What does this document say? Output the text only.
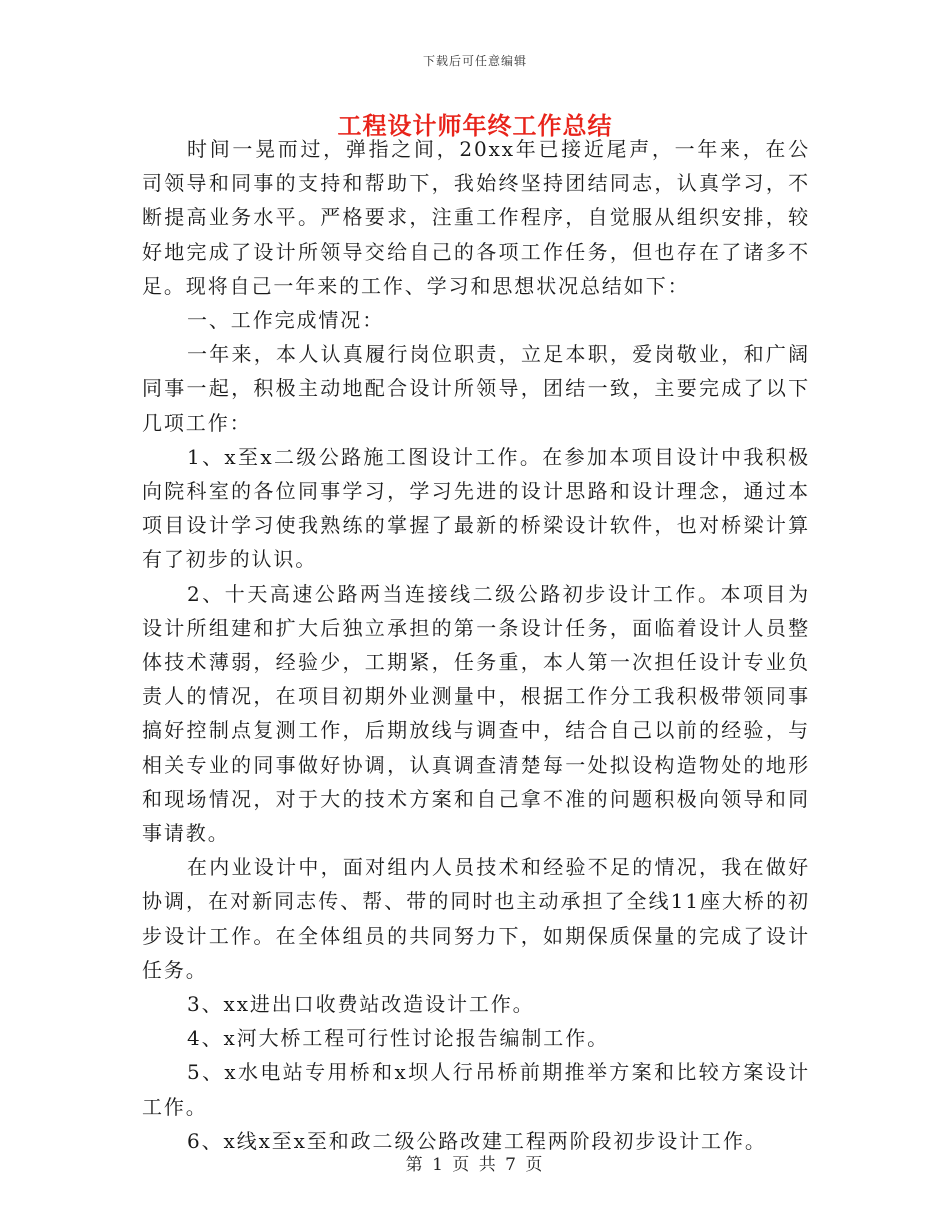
下载后可任意编辑
工程设计师年终工作总结

时间一晃而过，弹指之间，20xx年已接近尾声，一年来，在公司领导和同事的支持和帮助下，我始终坚持团结同志，认真学习，不断提高业务水平。严格要求，注重工作程序，自觉服从组织安排，较好地完成了设计所领导交给自己的各项工作任务，但也存在了诸多不足。现将自己一年来的工作、学习和思想状况总结如下：

一、工作完成情况：

一年来，本人认真履行岗位职责，立足本职，爱岗敬业，和广阔同事一起，积极主动地配合设计所领导，团结一致，主要完成了以下几项工作：

1、x至x二级公路施工图设计工作。在参加本项目设计中我积极向院科室的各位同事学习，学习先进的设计思路和设计理念，通过本项目设计学习使我熟练的掌握了最新的桥梁设计软件，也对桥梁计算有了初步的认识。

2、十天高速公路两当连接线二级公路初步设计工作。本项目为设计所组建和扩大后独立承担的第一条设计任务，面临着设计人员整体技术薄弱，经验少，工期紧，任务重，本人第一次担任设计专业负责人的情况，在项目初期外业测量中，根据工作分工我积极带领同事搞好控制点复测工作，后期放线与调查中，结合自己以前的经验，与相关专业的同事做好协调，认真调查清楚每一处拟设构造物处的地形和现场情况，对于大的技术方案和自己拿不准的问题积极向领导和同事请教。

在内业设计中，面对组内人员技术和经验不足的情况，我在做好协调，在对新同志传、帮、带的同时也主动承担了全线11座大桥的初步设计工作。在全体组员的共同努力下，如期保质保量的完成了设计任务。

3、xx进出口收费站改造设计工作。

4、x河大桥工程可行性讨论报告编制工作。

5、x水电站专用桥和x坝人行吊桥前期推举方案和比较方案设计工作。

6、x线x至x至和政二级公路改建工程两阶段初步设计工作。

第 1 页 共 7 页
